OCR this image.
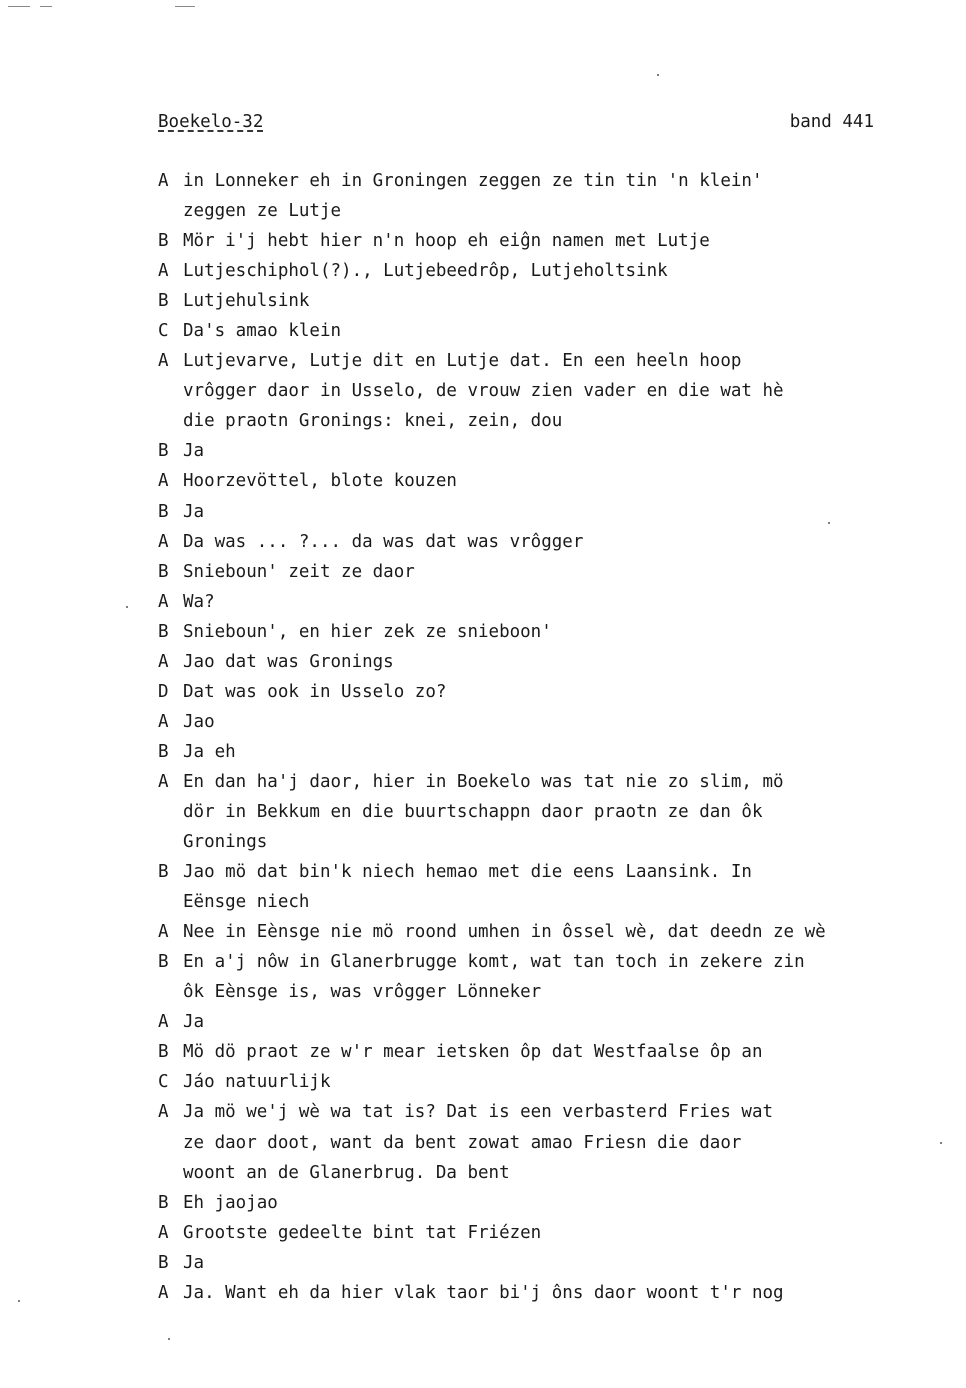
Boekelo-32	band 441
A in Lonneker eh in Groningen zeggen ze tin tin 'n klein'
zeggen ze Lutje
B Mör i'j hebt hier n'n hoop eh eiĝn namen met Lutje
A Lutjeschiphol(?)., Lutjebeedrôp, Lutjeholtsink
B Lutjehulsink
C Da's amao klein
A Lutjevarve, Lutje dit en Lutje dat. En een heeln hoop
vrôgger daor in Usselo, de vrouw zien vader en die wat hè
die praotn Gronings: knei, zein, dou
B Ja
A Hoorzevöttel, blote kouzen
B Ja
A Da was ... ?... da was dat was vrôgger
B Snieboun' zeit ze daor
A Wa?
B Snieboun', en hier zek ze snieboon'
A Jao dat was Gronings
D Dat was ook in Usselo zo?
A Jao
B Ja eh
A En dan ha'j daor, hier in Boekelo was tat nie zo slim, mö
dör in Bekkum en die buurtschappn daor praotn ze dan ôk
Gronings
B Jao mö dat bin'k niech hemao met die eens Laansink. In
Eënsge niech
A Nee in Eènsge nie mö roond umhen in ôssel wè, dat deedn ze wè
B En a'j nôw in Glanerbrugge komt, wat tan toch in zekere zin
ôk Eènsge is, was vrôgger Lönneker
A Ja
B Mö dö praot ze w'r mear ietsken ôp dat Westfaalse ôp an
C Jáo natuurlijk
A Ja mö we'j wè wa tat is? Dat is een verbasterd Fries wat
ze daor doot, want da bent zowat amao Friesn die daor
woont an de Glanerbrug. Da bent
B Eh jaojao
A Grootste gedeelte bint tat Friézen
B Ja
A Ja. Want eh da hier vlak taor bi'j ôns daor woont t'r nog
